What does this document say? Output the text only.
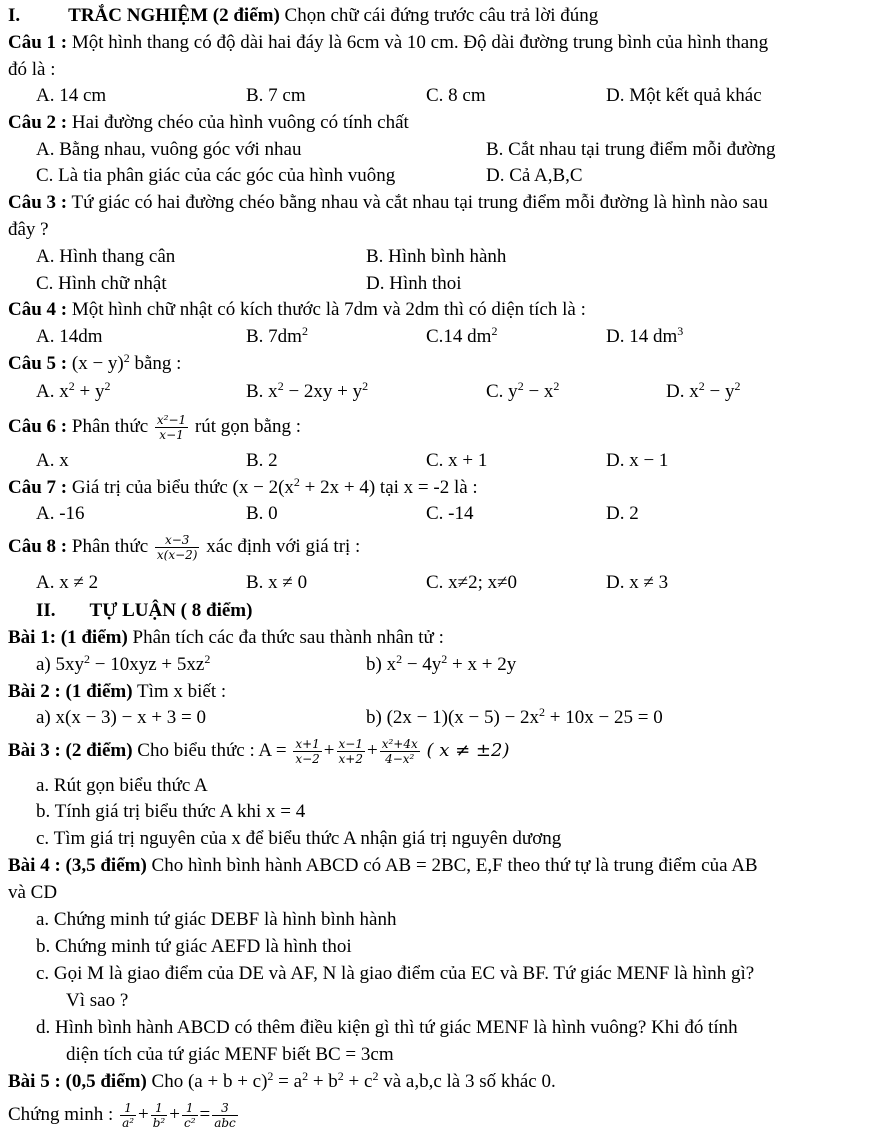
I.	TRẮC NGHIỆM (2 điểm) Chọn chữ cái đứng trước câu trả lời đúng
Câu 1 : Một hình thang có độ dài hai đáy là 6cm và 10 cm. Độ dài đường trung bình của hình thang
đó là :
A. 14 cm	B. 7 cm	C. 8 cm	D. Một kết quả khác
Câu 2 : Hai đường chéo của hình vuông có tính chất
A. Bằng nhau, vuông góc với nhau	B. Cắt nhau tại trung điểm mỗi đường
C. Là tia phân giác của các góc của hình vuông	D. Cả A,B,C
Câu 3 : Tứ giác có hai đường chéo bằng nhau và cắt nhau tại trung điểm mỗi đường là hình nào sau
đây ?
A. Hình thang cân	B. Hình bình hành
C. Hình chữ nhật	D. Hình thoi
Câu 4 : Một hình chữ nhật có kích thước là 7dm và 2dm thì có diện tích là :
A. 14dm	B. $7dm^2$	C.14 $dm^2$	D. 14 $dm^3$
Câu 5 : $(x - y)^2$ bằng :
A. $x^2 + y^2$	B. $x^2 - 2xy + y^2$	C. $y^2 - x^2$	D. $x^2 - y^2$
Câu 6 : Phân thức $\frac{\text{x²−1}}{x-1}$ rút gọn bằng :
A. x	B. 2	C. x + 1	D. x − 1
Câu 7 : Giá trị của biểu thức ($x - 2(x^2 + 2x + 4)$ tại x = -2 là :
A. -16	B. 0	C. -14	D. 2
Câu 8 : Phân thức $\frac{x-3}{x(x-2)}$ xác định với giá trị :
A. x ≠ 2	B. x ≠ 0	C. x≠2; x≠0	D. x ≠ 3
II. TỰ LUẬN ( 8 điểm)
Bài 1: (1 điểm) Phân tích các đa thức sau thành nhân tử :
a) $5xy^2 - 10xyz + 5xz^2$	b) $x^2 - 4y^2 + x + 2y$
Bài 2 : (1 điểm) Tìm x biết :
a) x(x − 3) − x + 3 = 0	b) $(2x - 1)(x - 5) - 2x^2 + 10x - 25 = 0$
Bài 3 : (2 điểm) Cho biểu thức : $A = \frac{x+1}{x-2} + \frac{x-1}{x+2} + \frac{\text{x²+4x}}{\text{4−x²}}$ ( x ≠ ±2)
a. Rút gọn biểu thức A
b. Tính giá trị biểu thức A khi x = 4
c. Tìm giá trị nguyên của x để biểu thức A nhận giá trị nguyên dương
Bài 4 : (3,5 điểm) Cho hình bình hành ABCD có AB = 2BC, E,F theo thứ tự là trung điểm của AB
và CD
a. Chứng minh tứ giác DEBF là hình bình hành
b. Chứng minh tứ giác AEFD là hình thoi
c. Gọi M là giao điểm của DE và AF, N là giao điểm của EC và BF. Tứ giác MENF là hình gì?
Vì sao ?
d. Hình bình hành ABCD có thêm điều kiện gì thì tứ giác MENF là hình vuông? Khi đó tính
diện tích của tứ giác MENF biết BC = 3cm
Bài 5 : (0,5 điểm) Cho $(a + b + c)^2 = a^2 + b^2 + c^2$ và a,b,c là 3 số khác 0.
Chứng minh : $\frac{1}{\text{a²}} + \frac{1}{\text{b²}} + \frac{1}{\text{c²}} = \frac{3}{\text{abc}}$
